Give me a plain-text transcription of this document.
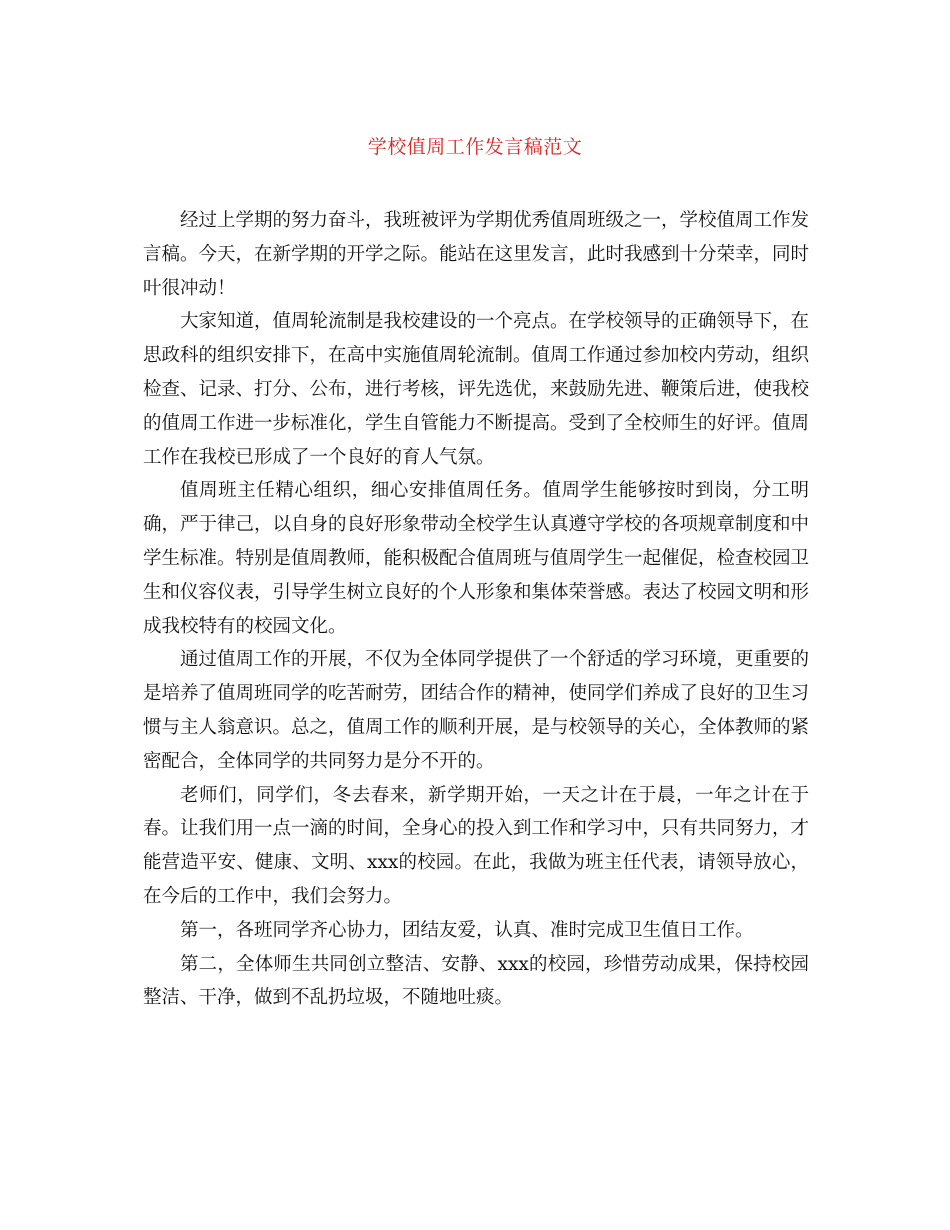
学校值周工作发言稿范文

经过上学期的努力奋斗，我班被评为学期优秀值周班级之一，学校值周工作发言稿。今天，在新学期的开学之际。能站在这里发言，此时我感到十分荣幸，同时叶很冲动！

大家知道，值周轮流制是我校建设的一个亮点。在学校领导的正确领导下，在思政科的组织安排下，在高中实施值周轮流制。值周工作通过参加校内劳动，组织检查、记录、打分、公布，进行考核，评先选优，来鼓励先进、鞭策后进，使我校的值周工作进一步标准化，学生自管能力不断提高。受到了全校师生的好评。值周工作在我校已形成了一个良好的育人气氛。

值周班主任精心组织，细心安排值周任务。值周学生能够按时到岗，分工明确，严于律己，以自身的良好形象带动全校学生认真遵守学校的各项规章制度和中学生标准。特别是值周教师，能积极配合值周班与值周学生一起催促，检查校园卫生和仪容仪表，引导学生树立良好的个人形象和集体荣誉感。表达了校园文明和形成我校特有的校园文化。

通过值周工作的开展，不仅为全体同学提供了一个舒适的学习环境，更重要的是培养了值周班同学的吃苦耐劳，团结合作的精神，使同学们养成了良好的卫生习惯与主人翁意识。总之，值周工作的顺利开展，是与校领导的关心，全体教师的紧密配合，全体同学的共同努力是分不开的。

老师们，同学们，冬去春来，新学期开始，一天之计在于晨，一年之计在于春。让我们用一点一滴的时间，全身心的投入到工作和学习中，只有共同努力，才能营造平安、健康、文明、xxx的校园。在此，我做为班主任代表，请领导放心，在今后的工作中，我们会努力。

第一，各班同学齐心协力，团结友爱，认真、准时完成卫生值日工作。

第二，全体师生共同创立整洁、安静、xxx的校园，珍惜劳动成果，保持校园整洁、干净，做到不乱扔垃圾，不随地吐痰。
